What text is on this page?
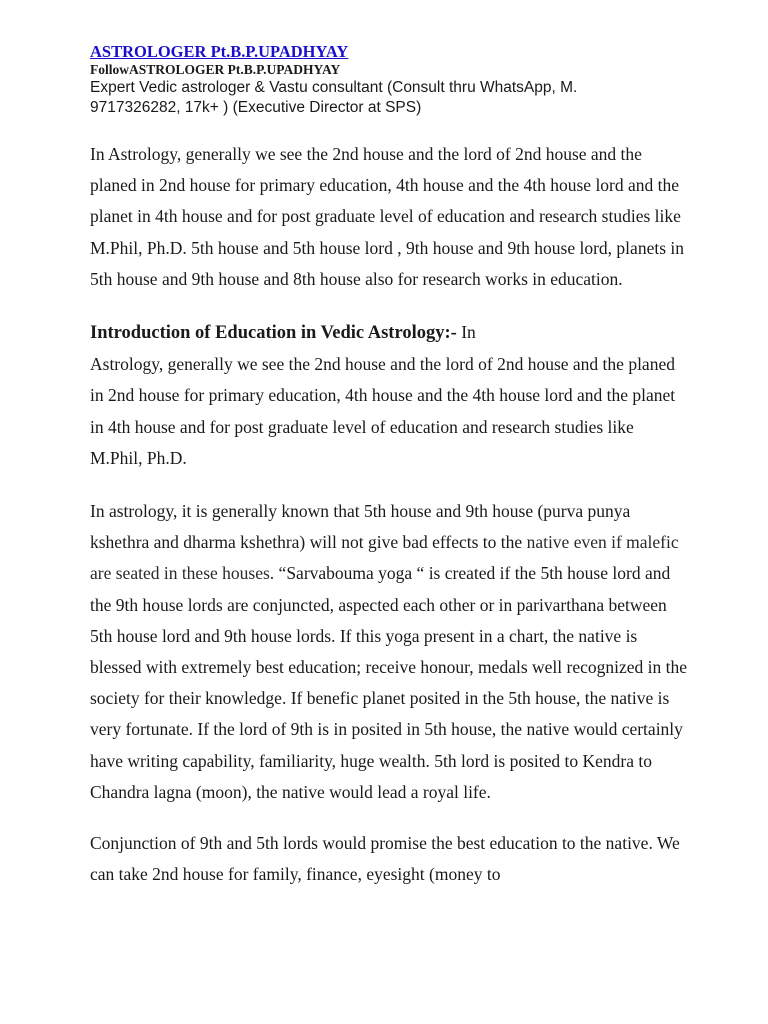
ASTROLOGER Pt.B.P.UPADHYAY
FollowASTROLOGER Pt.B.P.UPADHYAY

Expert Vedic astrologer & Vastu consultant (Consult thru WhatsApp, M. 9717326282, 17k+ ) (Executive Director at SPS)

In Astrology, generally we see the 2nd house and the lord of 2nd house and the planed in 2nd house for primary education, 4th house and the 4th house lord and the planet in 4th house and for post graduate level of education and research studies like M.Phil, Ph.D. 5th house and 5th house lord , 9th house and 9th house lord, planets in 5th house and 9th house and 8th house also for research works in education.

Introduction of Education in Vedic Astrology:- In
Astrology, generally we see the 2nd house and the lord of 2nd house and the planed in 2nd house for primary education, 4th house and the 4th house lord and the planet in 4th house and for post graduate level of education and research studies like M.Phil, Ph.D.

In astrology, it is generally known that 5th house and 9th house (purva punya kshethra and dharma kshethra) will not give bad effects to the native even if malefic are seated in these houses. “Sarvabouma yoga “ is created if the 5th house lord and the 9th house lords are conjuncted, aspected each other or in parivarthana between 5th house lord and 9th house lords. If this yoga present in a chart, the native is blessed with extremely best education; receive honour, medals well recognized in the society for their knowledge. If benefic planet posited in the 5th house, the native is very fortunate. If the lord of 9th is in posited in 5th house, the native would certainly have writing capability, familiarity, huge wealth. 5th lord is posited to Kendra to Chandra lagna (moon), the native would lead a royal life.

Conjunction of 9th and 5th lords would promise the best education to the native. We can take 2nd house for family, finance, eyesight (money to
